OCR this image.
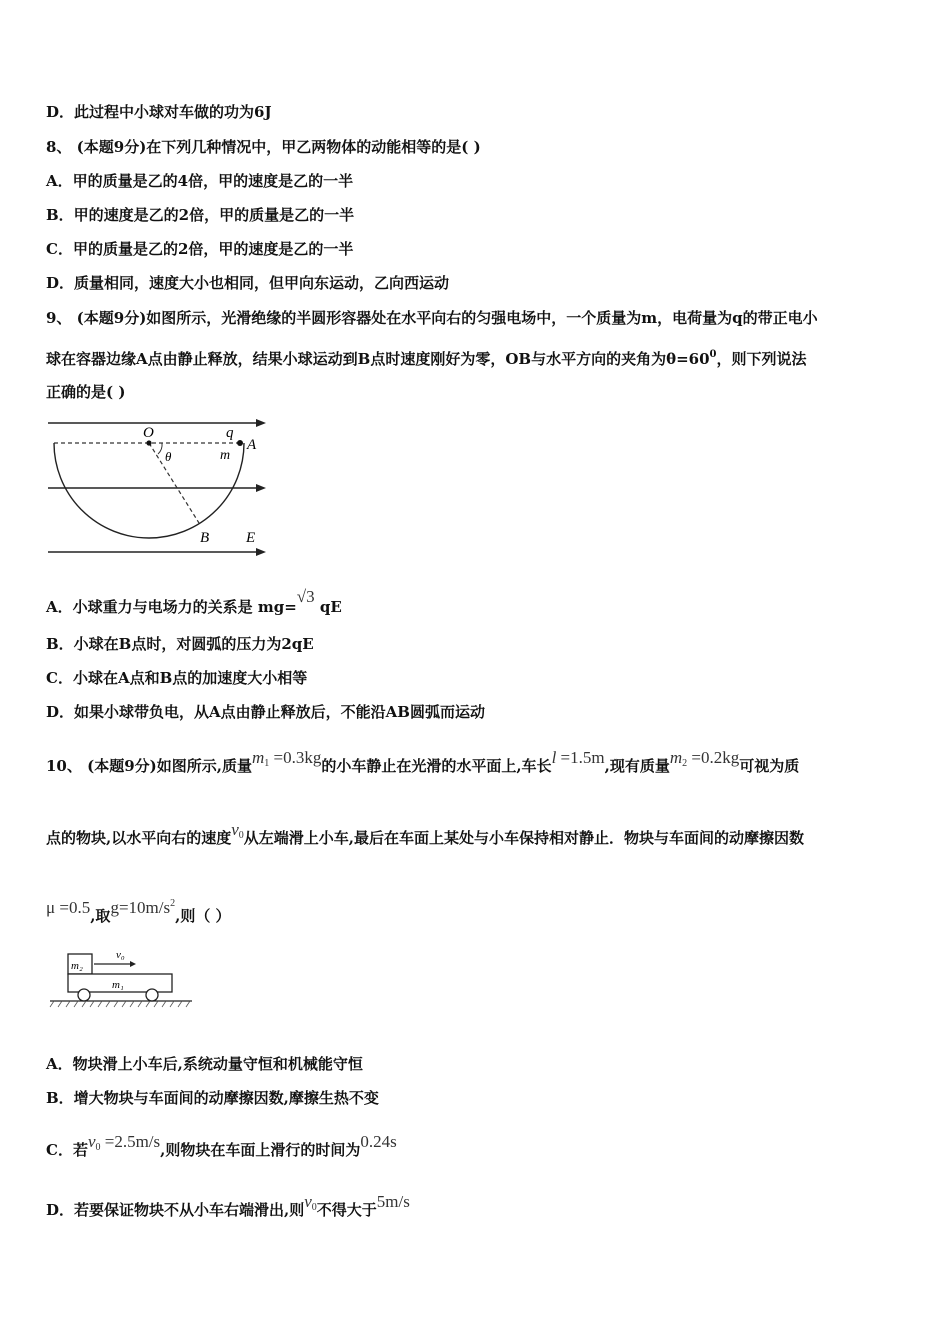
D．此过程中小球对车做的功为6J
8、 (本题9分)在下列几种情况中，甲乙两物体的动能相等的是( )
A．甲的质量是乙的4倍，甲的速度是乙的一半
B．甲的速度是乙的2倍，甲的质量是乙的一半
C．甲的质量是乙的2倍，甲的速度是乙的一半
D．质量相同，速度大小也相同，但甲向东运动，乙向西运动
9、 (本题9分)如图所示，光滑绝缘的半圆形容器处在水平向右的匀强电场中，一个质量为m，电荷量为q的带正电小
球在容器边缘A点由静止释放，结果小球运动到B点时速度刚好为零，OB与水平方向的夹角为$\theta=60^0$，则下列说法
正确的是( )
O	q
A
m
θ
B E
A．小球重力与电场力的关系是 mg=√3 qE
B．小球在B点时，对圆弧的压力为2qE
C．小球在A点和B点的加速度大小相等
D．如果小球带负电，从A点由静止释放后，不能沿AB圆弧而运动
10、 (本题9分)如图所示,质量$m_1 =0.3kg$的小车静止在光滑的水平面上,车长l =1.5m,现有质量$m_2 =0.2kg$可视为质
点的物块,以水平向右的速度$v_0$从左端滑上小车,最后在车面上某处与小车保持相对静止．物块与车面间的动摩擦因数
μ =0.5,取$g=10m/s^2$,则（ ）
m₂
v₀
m₁
A．物块滑上小车后,系统动量守恒和机械能守恒
B．增大物块与车面间的动摩擦因数,摩擦生热不变
C．若$v_0 =2.5m/s$,则物块在车面上滑行的时间为0.24s
D．若要保证物块不从小车右端滑出,则$v_0$不得大于5m/s
